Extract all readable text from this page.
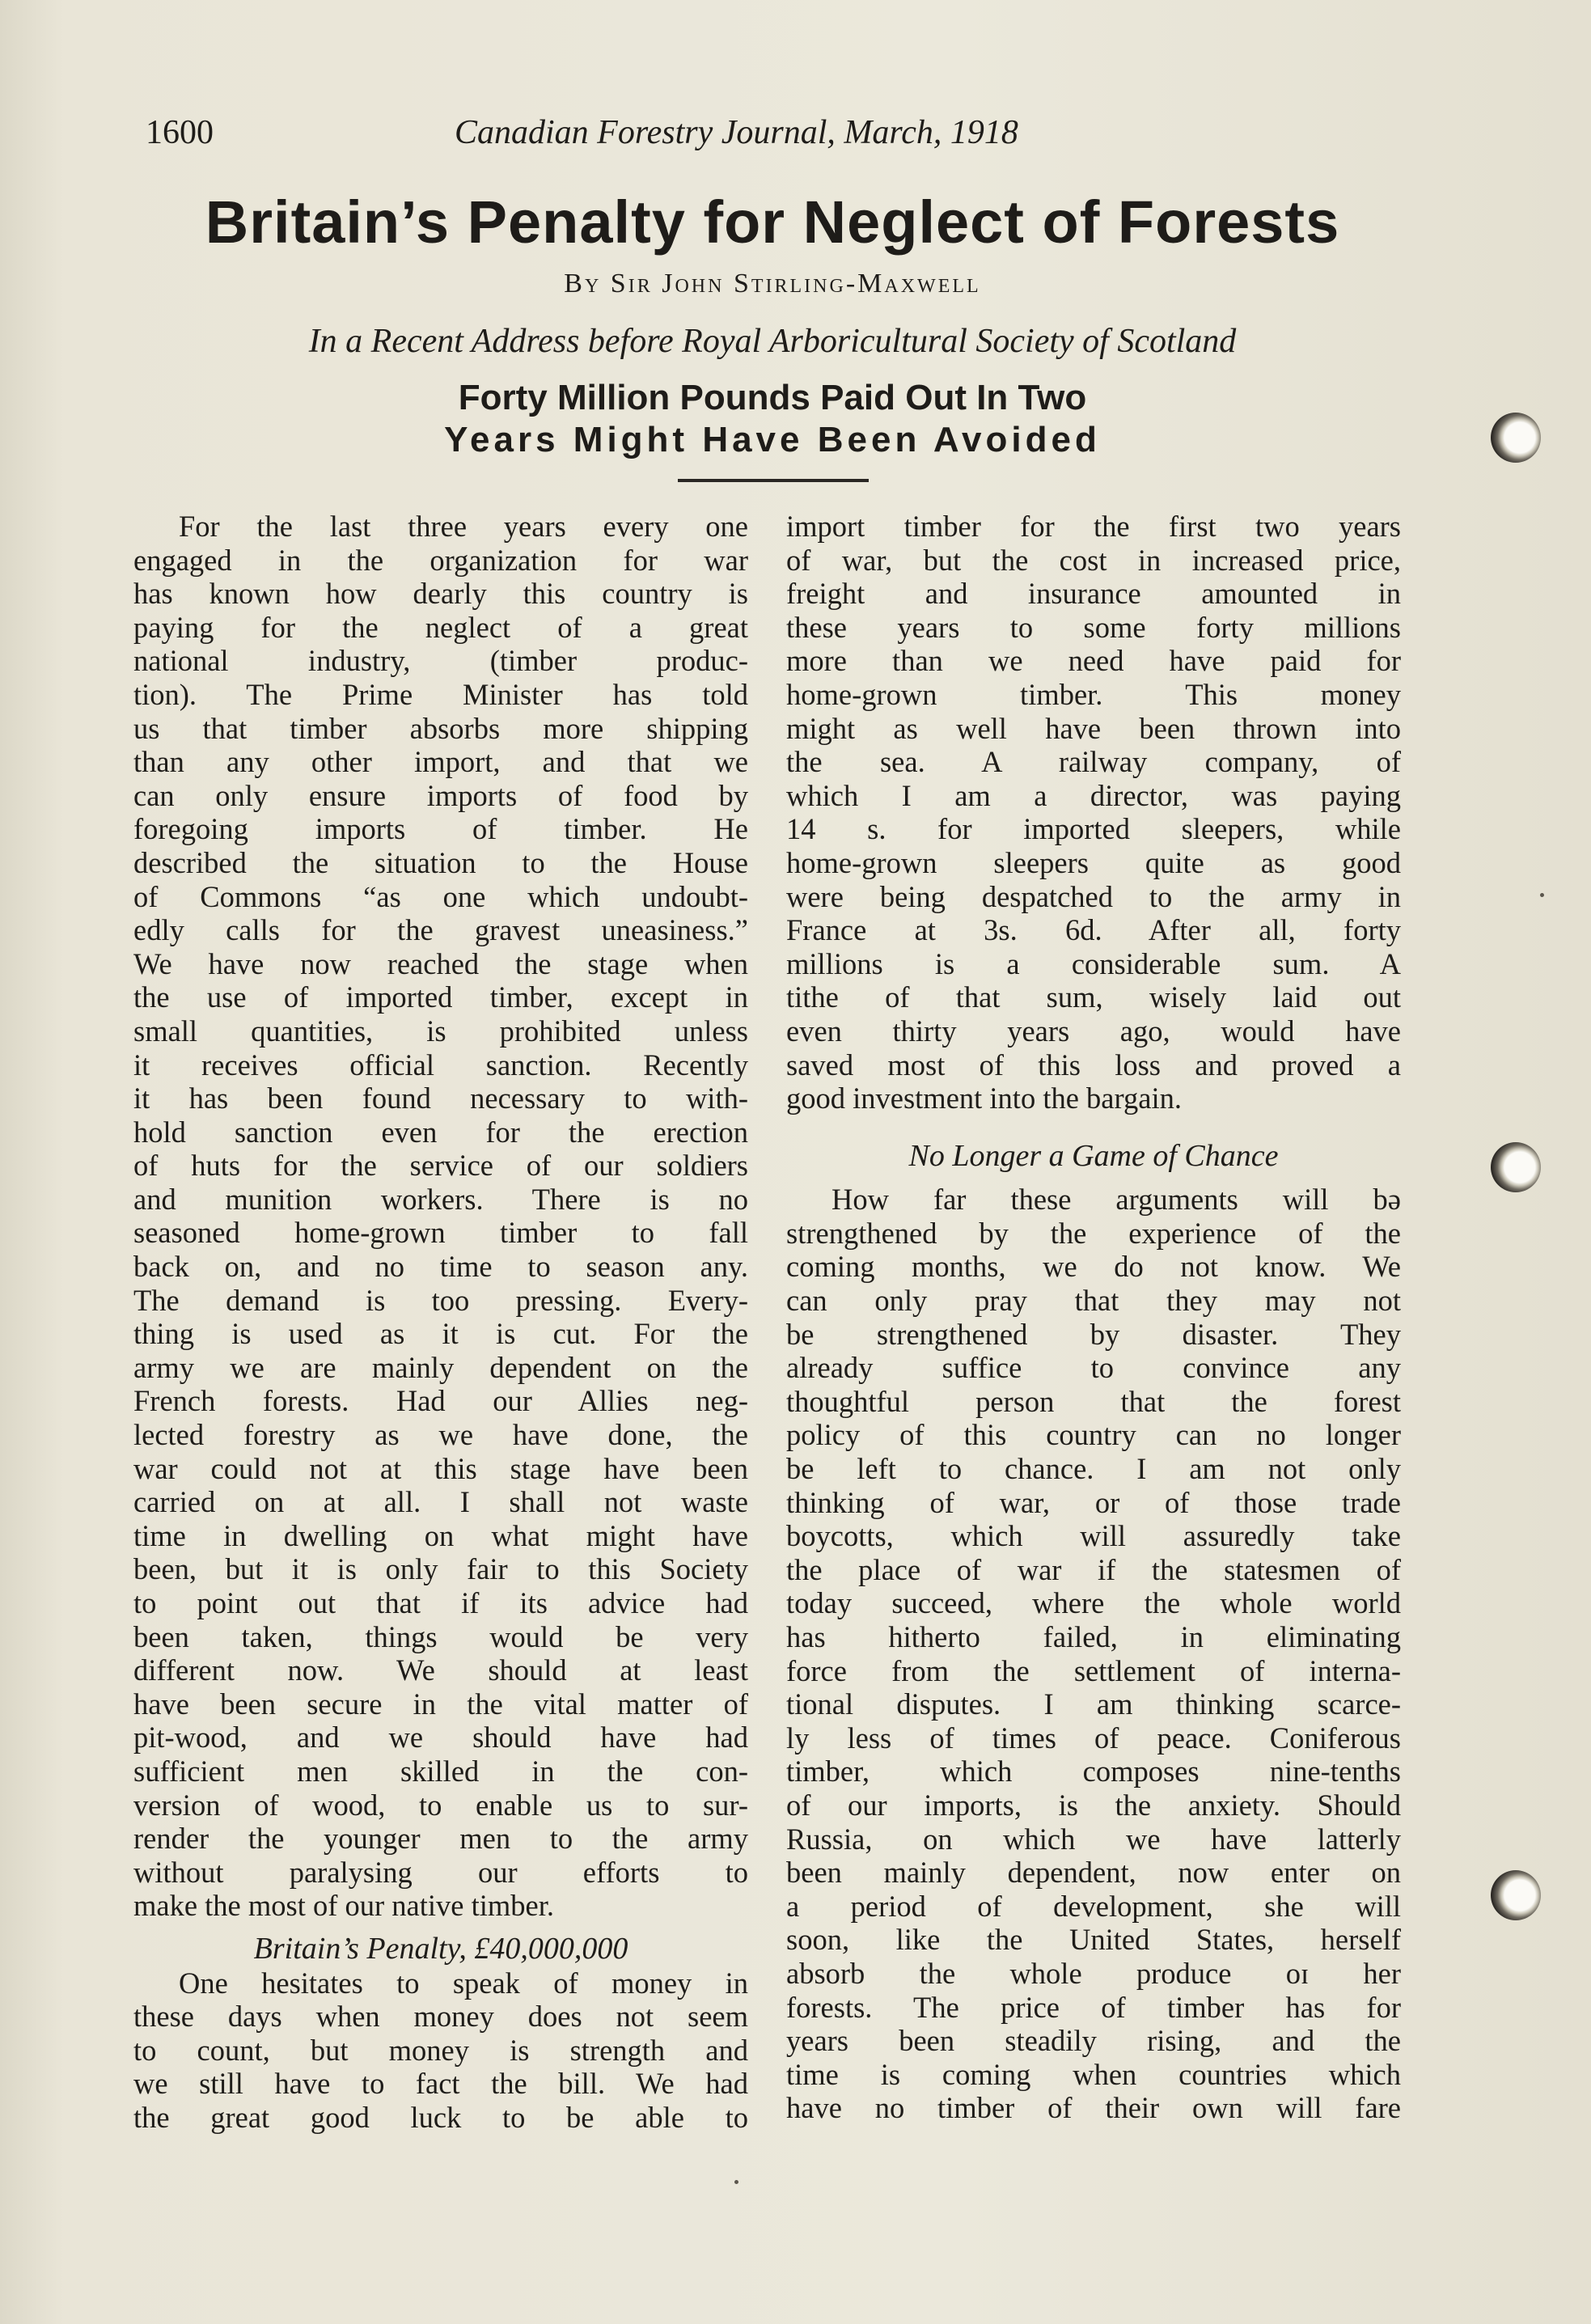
1600	Canadian Forestry Journal, March, 1918
Britain’s Penalty for Neglect of Forests
By Sir John Stirling-Maxwell
In a Recent Address before Royal Arboricultural Society of Scotland
Forty Million Pounds Paid Out In Two
Years Might Have Been Avoided
For the last three years every one
engaged in the organization for war
has known how dearly this country is
paying for the neglect of a great
national industry, (timber produc-
tion). The Prime Minister has told
us that timber absorbs more shipping
than any other import, and that we
can only ensure imports of food by
foregoing imports of timber. He
described the situation to the House
of Commons “as one which undoubt-
edly calls for the gravest uneasiness.”
We have now reached the stage when
the use of imported timber, except in
small quantities, is prohibited unless
it receives official sanction. Recently
it has been found necessary to with-
hold sanction even for the erection
of huts for the service of our soldiers
and munition workers. There is no
seasoned home-grown timber to fall
back on, and no time to season any.
The demand is too pressing. Every-
thing is used as it is cut. For the
army we are mainly dependent on the
French forests. Had our Allies neg-
lected forestry as we have done, the
war could not at this stage have been
carried on at all. I shall not waste
time in dwelling on what might have
been, but it is only fair to this Society
to point out that if its advice had
been taken, things would be very
different now. We should at least
have been secure in the vital matter of
pit-wood, and we should have had
sufficient men skilled in the con-
version of wood, to enable us to sur-
render the younger men to the army
without paralysing our efforts to
make the most of our native timber.
Britain’s Penalty, £40,000,000
One hesitates to speak of money in
these days when money does not seem
to count, but money is strength and
we still have to fact the bill. We had
the great good luck to be able to
import timber for the first two years
of war, but the cost in increased price,
freight and insurance amounted in
these years to some forty millions
more than we need have paid for
home-grown timber. This money
might as well have been thrown into
the sea. A railway company, of
which I am a director, was paying
14 s. for imported sleepers, while
home-grown sleepers quite as good
were being despatched to the army in
France at 3s. 6d. After all, forty
millions is a considerable sum. A
tithe of that sum, wisely laid out
even thirty years ago, would have
saved most of this loss and proved a
good investment into the bargain.
No Longer a Game of Chance
How far these arguments will bə
strengthened by the experience of the
coming months, we do not know. We
can only pray that they may not
be strengthened by disaster. They
already suffice to convince any
thoughtful person that the forest
policy of this country can no longer
be left to chance. I am not only
thinking of war, or of those trade
boycotts, which will assuredly take
the place of war if the statesmen of
today succeed, where the whole world
has hitherto failed, in eliminating
force from the settlement of interna-
tional disputes. I am thinking scarce-
ly less of times of peace. Coniferous
timber, which composes nine-tenths
of our imports, is the anxiety. Should
Russia, on which we have latterly
been mainly dependent, now enter on
a period of development, she will
soon, like the United States, herself
absorb the whole produce oɪ her
forests. The price of timber has for
years been steadily rising, and the
time is coming when countries which
have no timber of their own will fare
